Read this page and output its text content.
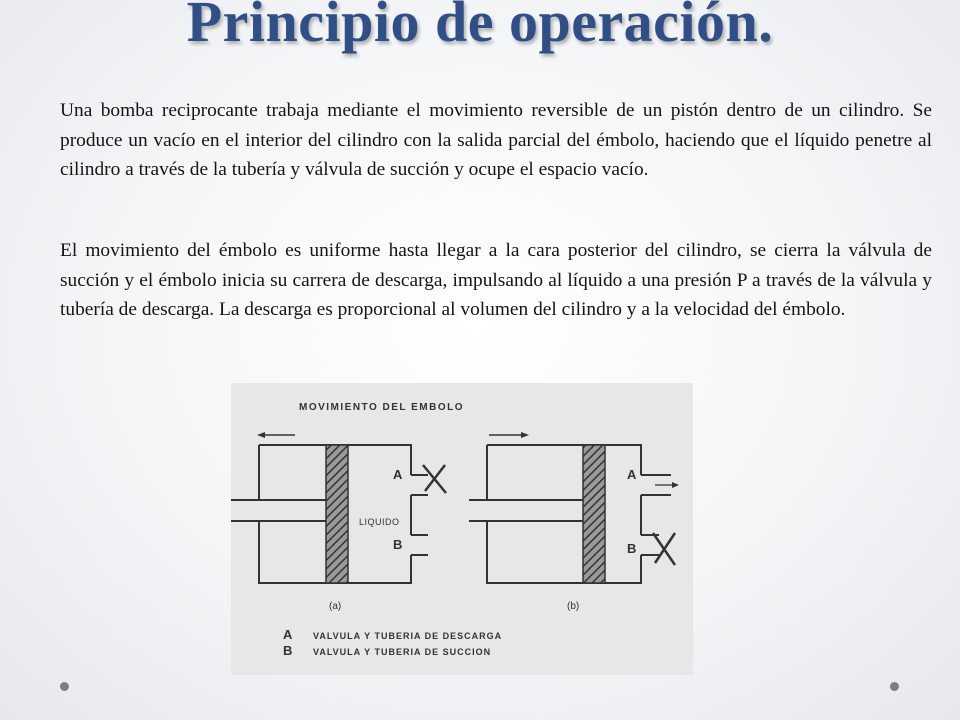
Principio de operación.
Una bomba reciprocante trabaja mediante el movimiento reversible de un pistón dentro de un cilindro. Se produce un vacío en el interior del cilindro con la salida parcial del émbolo, haciendo que el líquido penetre al cilindro a través de la tubería y válvula de succión y ocupe el espacio vacío.
El movimiento del émbolo es uniforme hasta llegar a la cara posterior del cilindro, se cierra la válvula de succión y el émbolo inicia su carrera de descarga, impulsando al líquido a una presión P a través de la válvula y tubería de descarga. La descarga es proporcional al volumen del cilindro y a la velocidad del émbolo.
MOVIMIENTO DEL EMBOLO
A
B
LIQUIDO
(a)
A
B
(b)
A VALVULA Y TUBERIA DE DESCARGA
B VALVULA Y TUBERIA DE SUCCION
